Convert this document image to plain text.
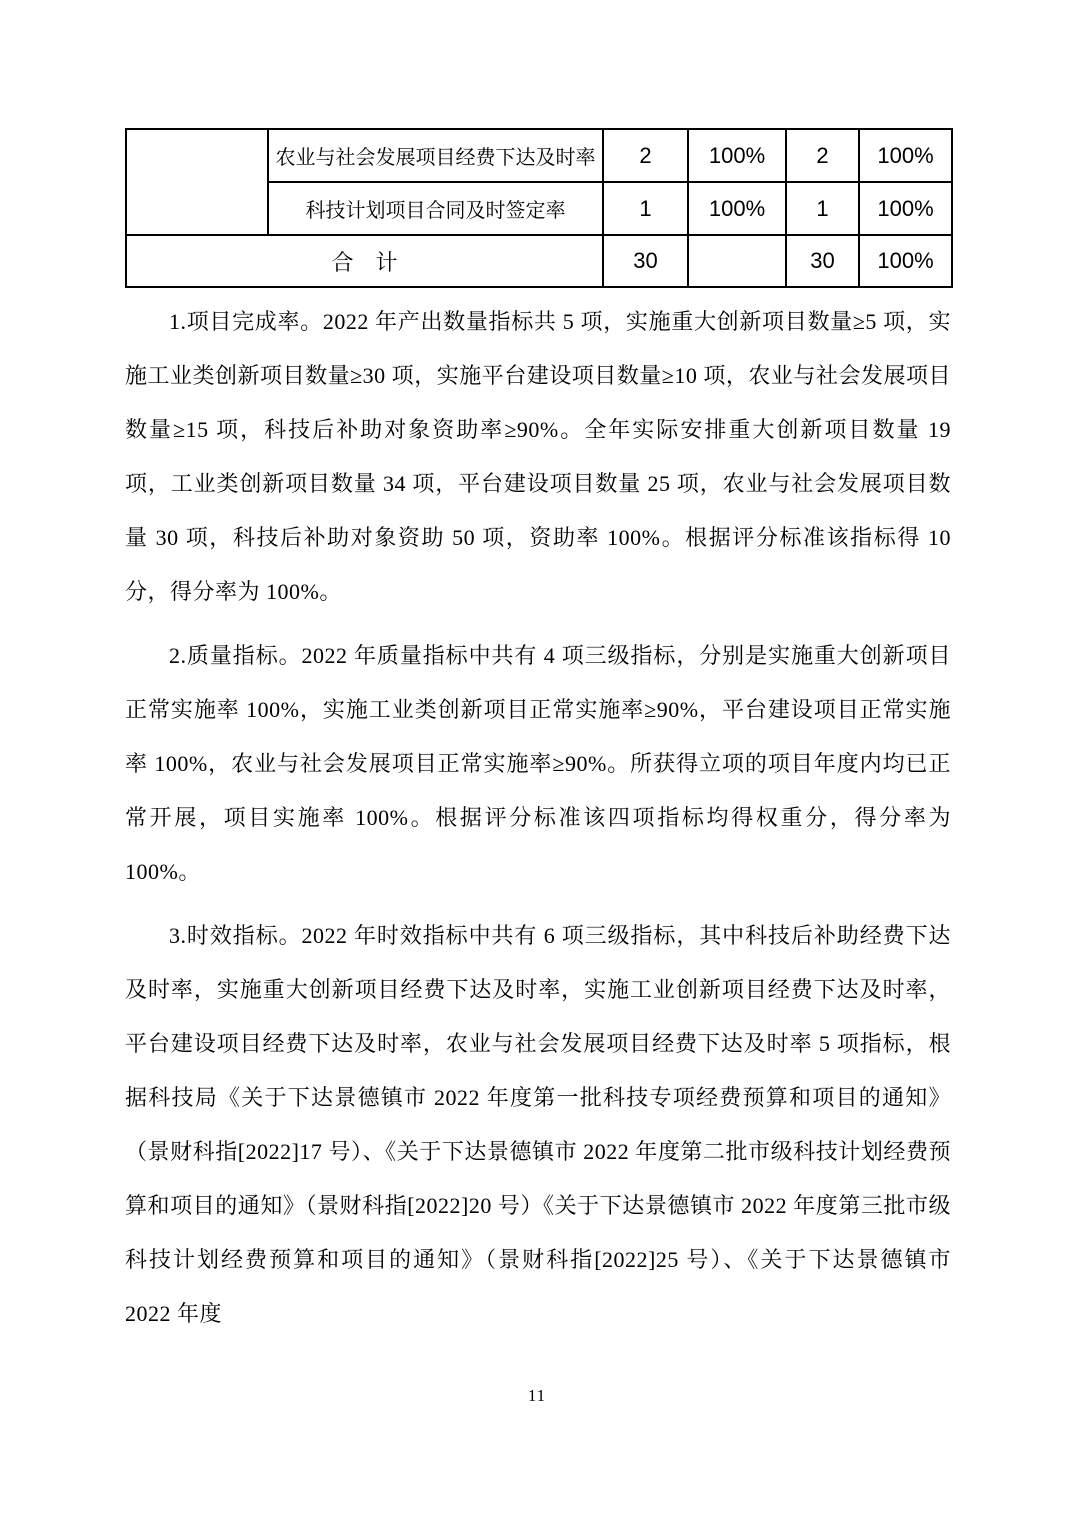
	农业与社会发展项目经费下达及时率	2	100%	2	100%
	科技计划项目合同及时签定率	1	100%	1	100%
合　计		30		30	100%

1.项目完成率。2022 年产出数量指标共 5 项，实施重大创新项目数量≥5 项，实施工业类创新项目数量≥30 项，实施平台建设项目数量≥10 项，农业与社会发展项目数量≥15 项，科技后补助对象资助率≥90%。全年实际安排重大创新项目数量 19 项，工业类创新项目数量 34 项，平台建设项目数量 25 项，农业与社会发展项目数量 30 项，科技后补助对象资助 50 项，资助率 100%。根据评分标准该指标得 10 分，得分率为 100%。

2.质量指标。2022 年质量指标中共有 4 项三级指标，分别是实施重大创新项目正常实施率 100%，实施工业类创新项目正常实施率≥90%，平台建设项目正常实施率 100%，农业与社会发展项目正常实施率≥90%。所获得立项的项目年度内均已正常开展，项目实施率 100%。根据评分标准该四项指标均得权重分，得分率为 100%。

3.时效指标。2022 年时效指标中共有 6 项三级指标，其中科技后补助经费下达及时率，实施重大创新项目经费下达及时率，实施工业创新项目经费下达及时率，平台建设项目经费下达及时率，农业与社会发展项目经费下达及时率 5 项指标，根据科技局《关于下达景德镇市 2022 年度第一批科技专项经费预算和项目的通知》（景财科指[2022]17 号）、《关于下达景德镇市 2022 年度第二批市级科技计划经费预算和项目的通知》（景财科指[2022]20 号）《关于下达景德镇市 2022 年度第三批市级科技计划经费预算和项目的通知》（景财科指[2022]25 号）、《关于下达景德镇市 2022 年度

11
